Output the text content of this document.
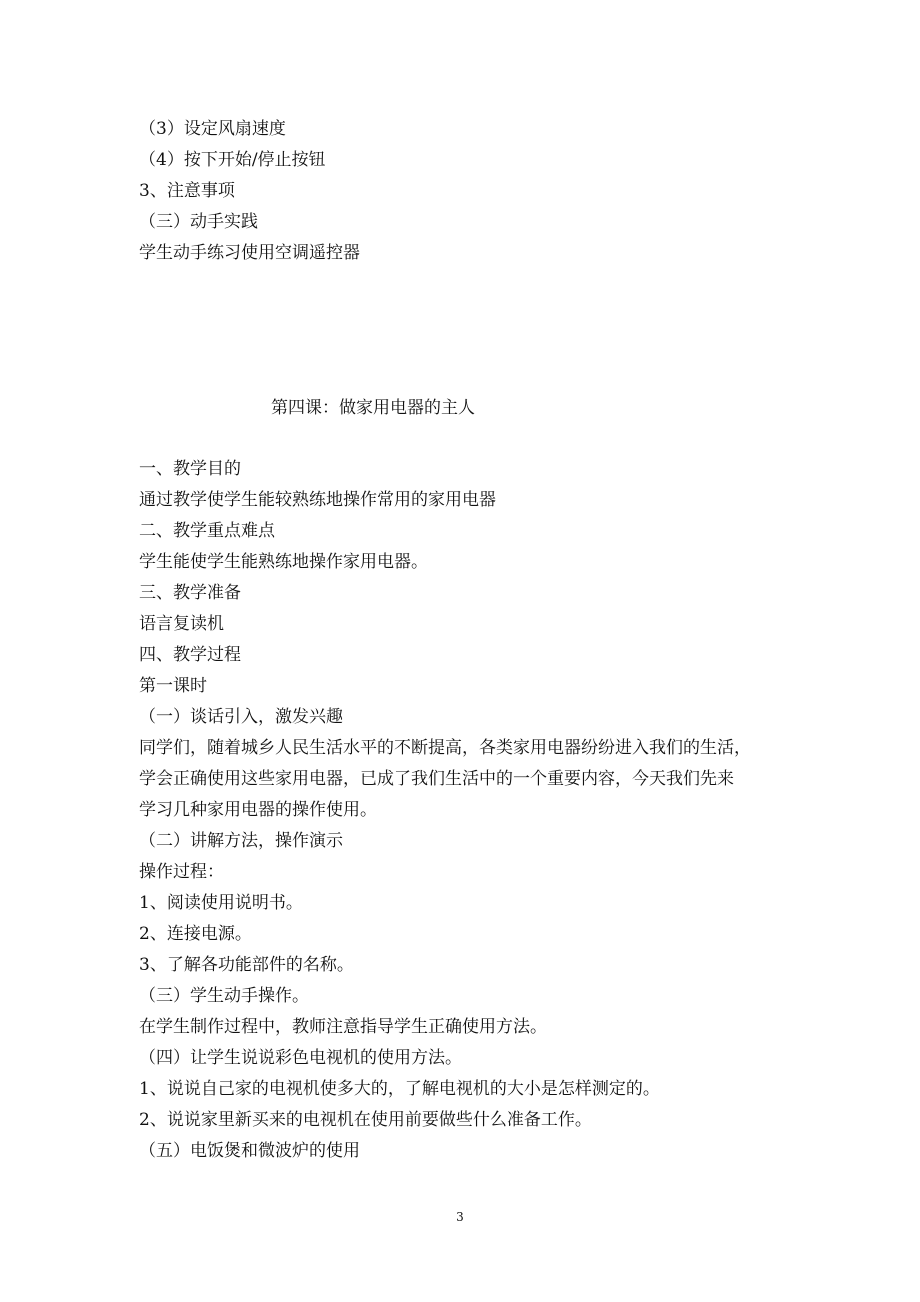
（3）设定风扇速度
（4）按下开始/停止按钮
3、注意事项
（三）动手实践
学生动手练习使用空调遥控器
第四课：做家用电器的主人
一、教学目的
通过教学使学生能较熟练地操作常用的家用电器
二、教学重点难点
学生能使学生能熟练地操作家用电器。
三、教学准备
语言复读机
四、教学过程
第一课时
（一）谈话引入，激发兴趣
同学们，随着城乡人民生活水平的不断提高，各类家用电器纷纷进入我们的生活，
学会正确使用这些家用电器，已成了我们生活中的一个重要内容，今天我们先来
学习几种家用电器的操作使用。
（二）讲解方法，操作演示
操作过程：
1、阅读使用说明书。
2、连接电源。
3、了解各功能部件的名称。
（三）学生动手操作。
在学生制作过程中，教师注意指导学生正确使用方法。
（四）让学生说说彩色电视机的使用方法。
1、说说自己家的电视机使多大的，了解电视机的大小是怎样测定的。
2、说说家里新买来的电视机在使用前要做些什么准备工作。
（五）电饭煲和微波炉的使用
3
